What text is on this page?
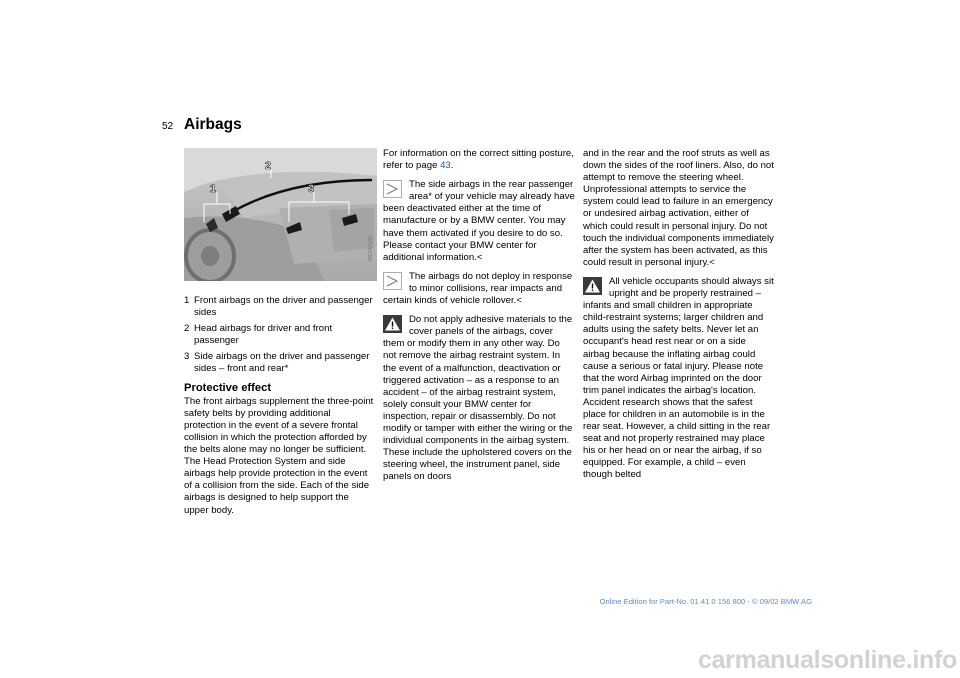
52 Airbags
1
2
3
WE1A0180
1 Front airbags on the driver and passenger sides
2 Head airbags for driver and front passenger
3 Side airbags on the driver and passenger sides – front and rear*
Protective effect

The front airbags supplement the three-point safety belts by providing additional protection in the event of a severe frontal collision in which the protection afforded by the belts alone may no longer be sufficient. The Head Protection System and side airbags help provide protection in the event of a collision from the side. Each of the side airbags is designed to help support the upper body.

For information on the correct sitting posture, refer to page 43.

The side airbags in the rear passenger area* of your vehicle may already have been deactivated either at the time of manufacture or by a BMW center. You may have them activated if you desire to do so. Please contact your BMW center for additional information.<
The airbags do not deploy in response to minor collisions, rear impacts and certain kinds of vehicle rollover.<
Do not apply adhesive materials to the cover panels of the airbags, cover them or modify them in any other way. Do not remove the airbag restraint system. In the event of a malfunction, deactivation or triggered activation – as a response to an accident – of the airbag restraint system, solely consult your BMW center for inspection, repair or disassembly. Do not modify or tamper with either the wiring or the individual components in the airbag system. These include the upholstered covers on the steering wheel, the instrument panel, side panels on doors

and in the rear and the roof struts as well as down the sides of the roof liners. Also, do not attempt to remove the steering wheel. Unprofessional attempts to service the system could lead to failure in an emergency or undesired airbag activation, either of which could result in personal injury. Do not touch the individual components immediately after the system has been activated, as this could result in personal injury.<

All vehicle occupants should always sit upright and be properly restrained – infants and small children in appropriate child-restraint systems; larger children and adults using the safety belts. Never let an occupant's head rest near or on a side airbag because the inflating airbag could cause a serious or fatal injury. Please note that the word Airbag imprinted on the door trim panel indicates the airbag's location.

Accident research shows that the safest place for children in an automobile is in the rear seat. However, a child sitting in the rear seat and not properly restrained may place his or her head on or near the airbag, if so equipped. For example, a child – even though belted

Online Edition for Part-No. 01 41 0 156 800 - © 09/02 BMW AG
carmanualsonline.info
